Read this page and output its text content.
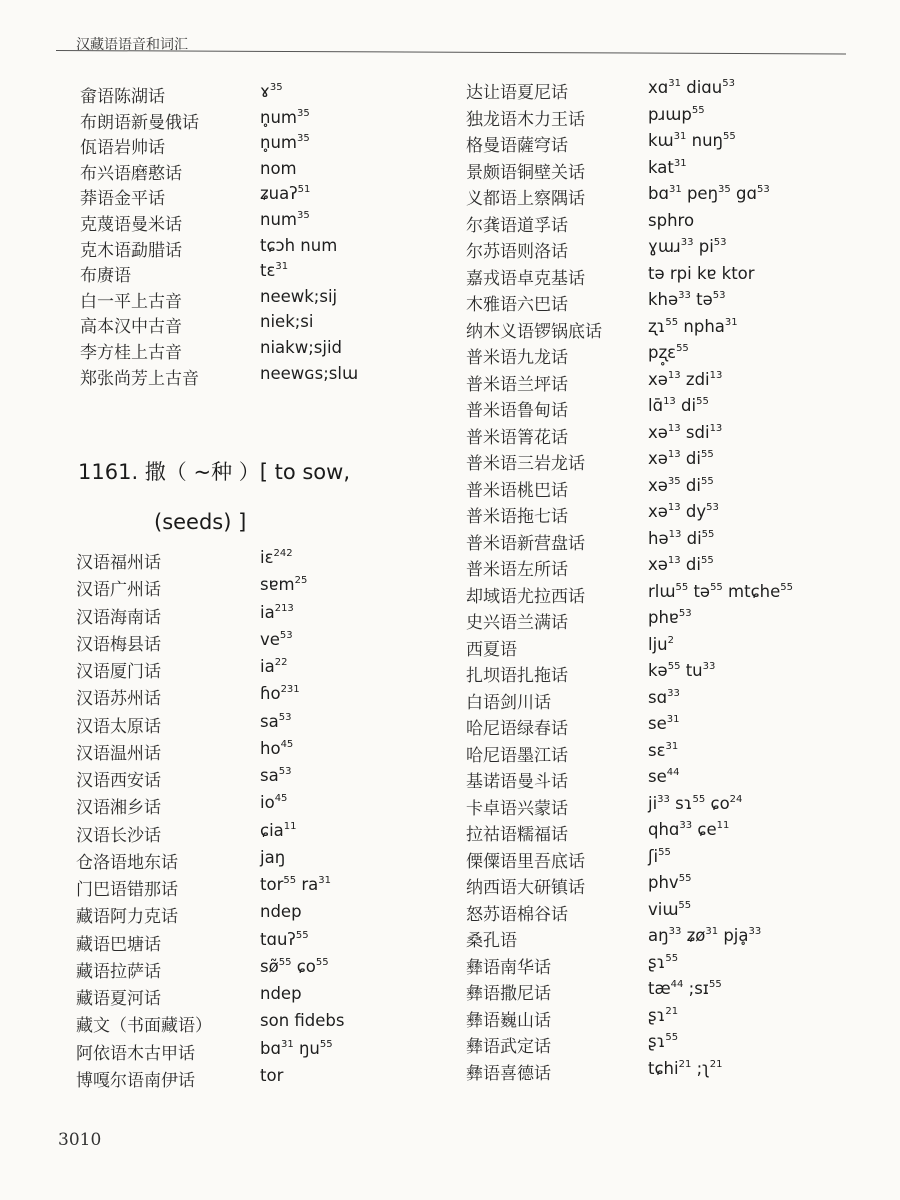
汉藏语语音和词汇
畲语陈湖话	ɤ$^{35}$
布朗语新曼俄话	$n̥um^{35}$
佤语岩帅话	$n̥um^{35}$
布兴语磨憨话	nom
莽语金平话	ʑuaʔ$^{51}$
克蔑语曼米话	num$^{35}$
克木语勐腊话	tɕɔh num
布赓语	tɛ$^{31}$
白一平上古音	neewk;sij
高本汉中古音	niek;si
李方桂上古音	niakw;sjid
郑张尚芳上古音	neewɢs;slɯ
1161. 撒（ ~种 ）[ to sow,
(seeds) ]
汉语福州话	iɛ$^{242}$
汉语广州话	sɐm$^{25}$
汉语海南话	$ia^{213}$
汉语梅县话	$ve^{53}$
汉语厦门话	$ia^{22}$
汉语苏州话	ɦo$^{231}$
汉语太原话	$sa^{53}$
汉语温州话	$ho^{45}$
汉语西安话	$sa^{53}$
汉语湘乡话	$io^{45}$
汉语长沙话	ɕia$^{11}$
仓洛语地东话	jaŋ
门巴语错那话	tor$^{55}$ $ra^{31}$
藏语阿力克话	ndep
藏语巴塘话	tɑuʔ$^{55}$
藏语拉萨话	sø̃$^{55}$ ɕo$^{55}$
藏语夏河话	ndep
藏文（书面藏语）	son fidebs
阿依语木古甲话	bɑ$^{31}$ $ŋu^{55}$
博嘎尔语南伊话	tor
达让语夏尼话	xɑ$^{31}$ diɑu$^{53}$
独龙语木力王话	pɹɯp$^{55}$
格曼语薩穹话	kɯ$^{31}$ nuŋ$^{55}$
景颇语铜壁关话	kat$^{31}$
义都语上察隅话	bɑ$^{31}$ peŋ$^{35}$ gɑ$^{53}$
尔龚语道孚话	sphro
尔苏语则洛话	ɣɯɹ$^{33}$ $pi^{53}$
嘉戎语卓克基话	tə rpi kɐ ktor
木雅语六巴话	khə$^{33}$ tə$^{53}$
纳木义语锣锅底话	ʐɿ$^{55}$ npha$^{31}$
普米语九龙话	pʐ̥ɛ$^{55}$
普米语兰坪话	xə$^{13}$ zdi$^{13}$
普米语鲁甸话	lɑ̄$^{13}$ $di^{55}$
普米语箐花话	xə$^{13}$ sdi$^{13}$
普米语三岩龙话	xə$^{13}$ $di^{55}$
普米语桃巴话	xə$^{35}$ $di^{55}$
普米语拖七话	xə$^{13}$ $dy^{53}$
普米语新营盘话	hə$^{13}$ $di^{55}$
普米语左所话	xə$^{13}$ $di^{55}$
却域语尤拉西话	rlɯ$^{55}$ tə$^{55}$ mtɕhe$^{55}$
史兴语兰满话	phɐ$^{53}$
西夏语	lju$^2$
扎坝语扎拖话	kə$^{55}$ $tu^{33}$
白语剑川话	sɑ$^{33}$
哈尼语绿春话	$se^{31}$
哈尼语墨江话	sɛ$^{31}$
基诺语曼斗话	$se^{44}$
卡卓语兴蒙话	$ji^{33}$ sɿ$^{55}$ ɕo$^{24}$
拉祜语糯福话	qhɑ$^{33}$ ɕe$^{11}$
傈僳语里吾底话	ʃi$^{55}$
纳西语大研镇话	phv$^{55}$
怒苏语棉谷话	viɯ$^{55}$
桑孔语	$aŋ^{33}$ ʑø$^{31}$ pjḁ$^{33}$
彝语南华话	ʂɿ$^{55}$
彝语撒尼话	$tæ^{44}$ ;sɪ$^{55}$
彝语巍山话	ʂɿ$^{21}$
彝语武定话	ʂɿ$^{55}$
彝语喜德话	tɕhi$^{21}$ ;ʅ$^{21}$
3010
